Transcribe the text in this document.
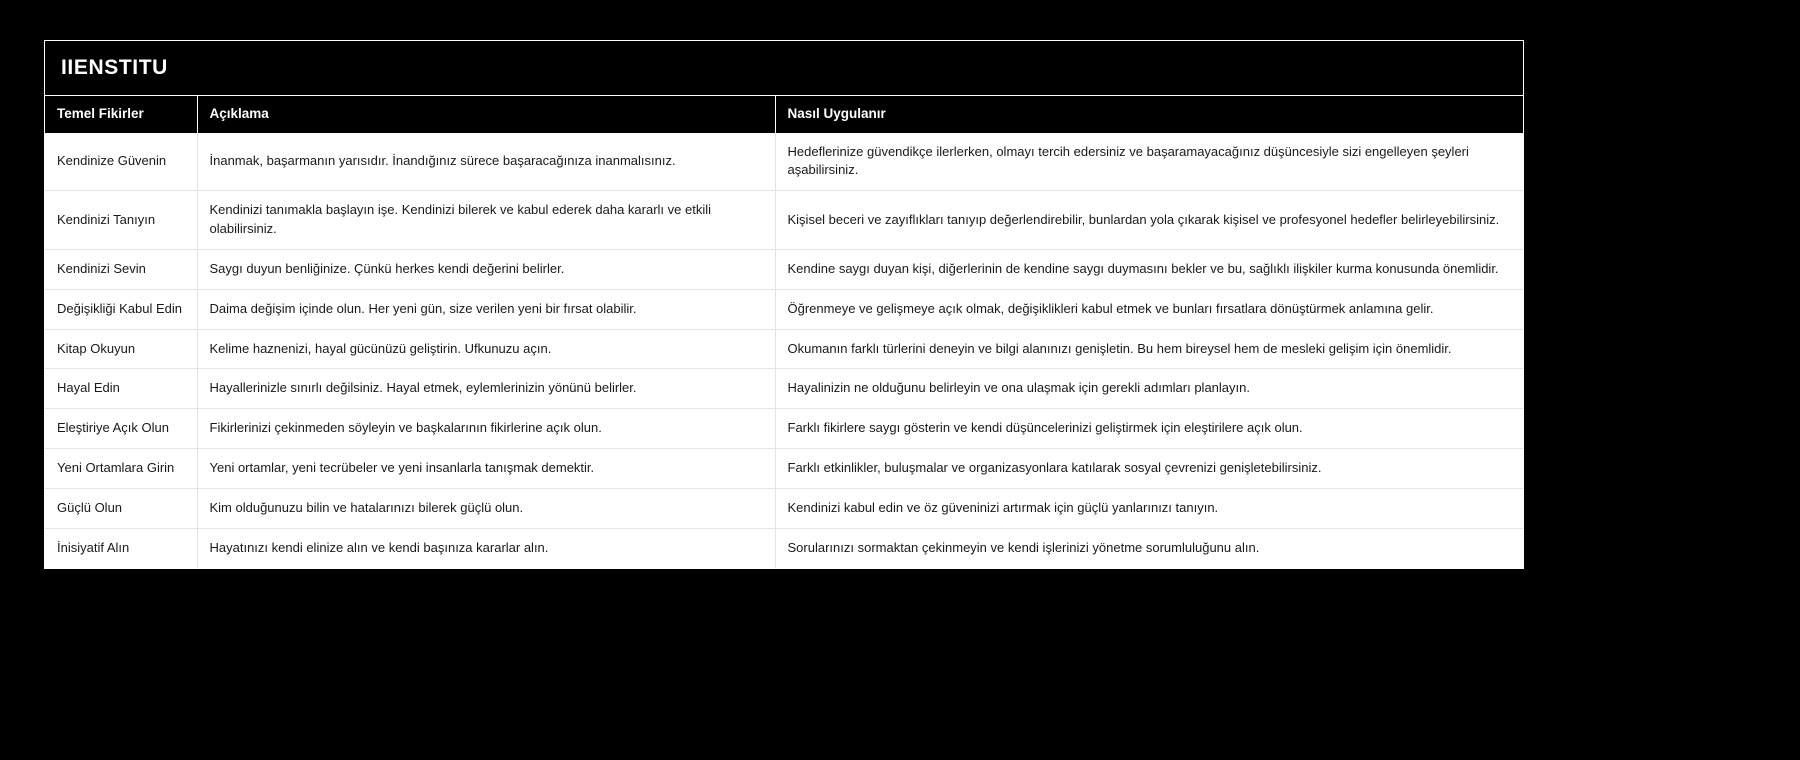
IIENSTITU
Temel Fikirler	Açıklama	Nasıl Uygulanır
Kendinize Güvenin	İnanmak, başarmanın yarısıdır. İnandığınız sürece başaracağınıza inanmalısınız.	Hedeflerinize güvendikçe ilerlerken, olmayı tercih edersiniz ve başaramayacağınız düşüncesiyle sizi engelleyen şeyleri aşabilirsiniz.
Kendinizi Tanıyın	Kendinizi tanımakla başlayın işe. Kendinizi bilerek ve kabul ederek daha kararlı ve etkili olabilirsiniz.	Kişisel beceri ve zayıflıkları tanıyıp değerlendirebilir, bunlardan yola çıkarak kişisel ve profesyonel hedefler belirleyebilirsiniz.
Kendinizi Sevin	Saygı duyun benliğinize. Çünkü herkes kendi değerini belirler.	Kendine saygı duyan kişi, diğerlerinin de kendine saygı duymasını bekler ve bu, sağlıklı ilişkiler kurma konusunda önemlidir.
Değişikliği Kabul Edin	Daima değişim içinde olun. Her yeni gün, size verilen yeni bir fırsat olabilir.	Öğrenmeye ve gelişmeye açık olmak, değişiklikleri kabul etmek ve bunları fırsatlara dönüştürmek anlamına gelir.
Kitap Okuyun	Kelime haznenizi, hayal gücünüzü geliştirin. Ufkunuzu açın.	Okumanın farklı türlerini deneyin ve bilgi alanınızı genişletin. Bu hem bireysel hem de mesleki gelişim için önemlidir.
Hayal Edin	Hayallerinizle sınırlı değilsiniz. Hayal etmek, eylemlerinizin yönünü belirler.	Hayalinizin ne olduğunu belirleyin ve ona ulaşmak için gerekli adımları planlayın.
Eleştiriye Açık Olun	Fikirlerinizi çekinmeden söyleyin ve başkalarının fikirlerine açık olun.	Farklı fikirlere saygı gösterin ve kendi düşüncelerinizi geliştirmek için eleştirilere açık olun.
Yeni Ortamlara Girin	Yeni ortamlar, yeni tecrübeler ve yeni insanlarla tanışmak demektir.	Farklı etkinlikler, buluşmalar ve organizasyonlara katılarak sosyal çevrenizi genişletebilirsiniz.
Güçlü Olun	Kim olduğunuzu bilin ve hatalarınızı bilerek güçlü olun.	Kendinizi kabul edin ve öz güveninizi artırmak için güçlü yanlarınızı tanıyın.
İnisiyatif Alın	Hayatınızı kendi elinize alın ve kendi başınıza kararlar alın.	Sorularınızı sormaktan çekinmeyin ve kendi işlerinizi yönetme sorumluluğunu alın.
